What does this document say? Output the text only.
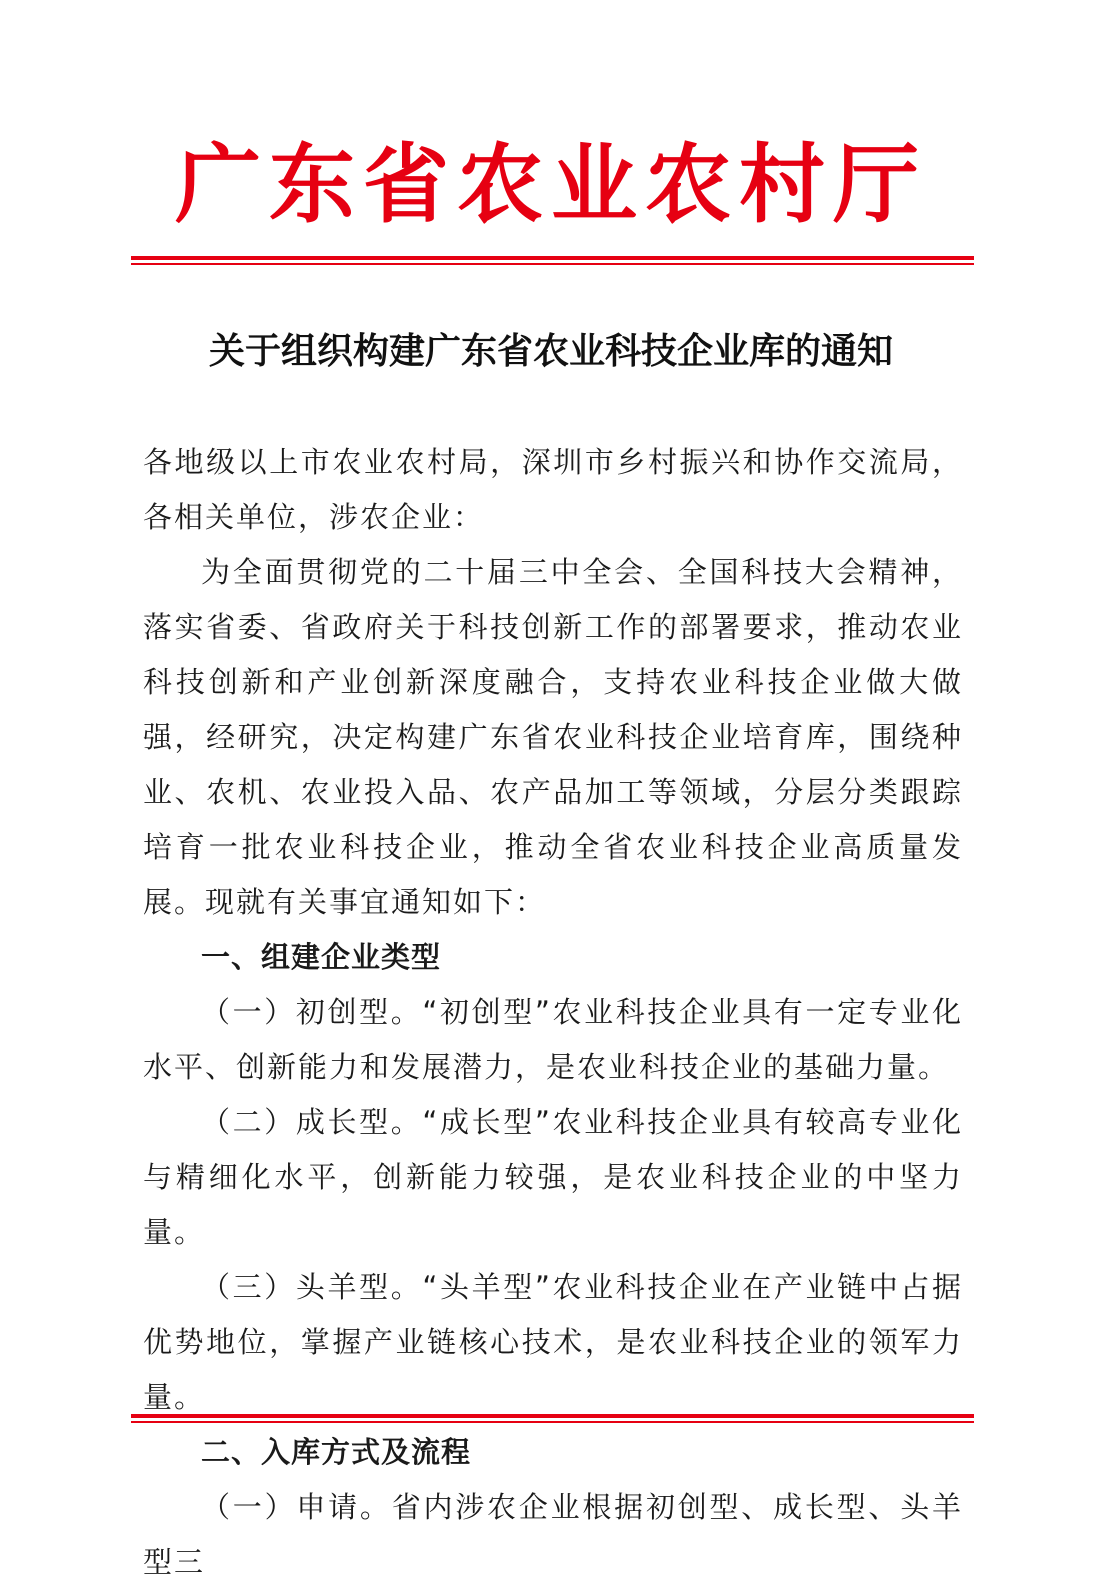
广东省农业农村厅
关于组织构建广东省农业科技企业库的通知

各地级以上市农业农村局，深圳市乡村振兴和协作交流局，各相关单位，涉农企业：

为全面贯彻党的二十届三中全会、全国科技大会精神，落实省委、省政府关于科技创新工作的部署要求，推动农业科技创新和产业创新深度融合，支持农业科技企业做大做强，经研究，决定构建广东省农业科技企业培育库，围绕种业、农机、农业投入品、农产品加工等领域，分层分类跟踪培育一批农业科技企业，推动全省农业科技企业高质量发展。现就有关事宜通知如下：

一、组建企业类型

（一）初创型。“初创型”农业科技企业具有一定专业化水平、创新能力和发展潜力，是农业科技企业的基础力量。

（二）成长型。“成长型”农业科技企业具有较高专业化与精细化水平，创新能力较强，是农业科技企业的中坚力量。

（三）头羊型。“头羊型”农业科技企业在产业链中占据优势地位，掌握产业链核心技术，是农业科技企业的领军力量。

二、入库方式及流程

（一）申请。省内涉农企业根据初创型、成长型、头羊型三
